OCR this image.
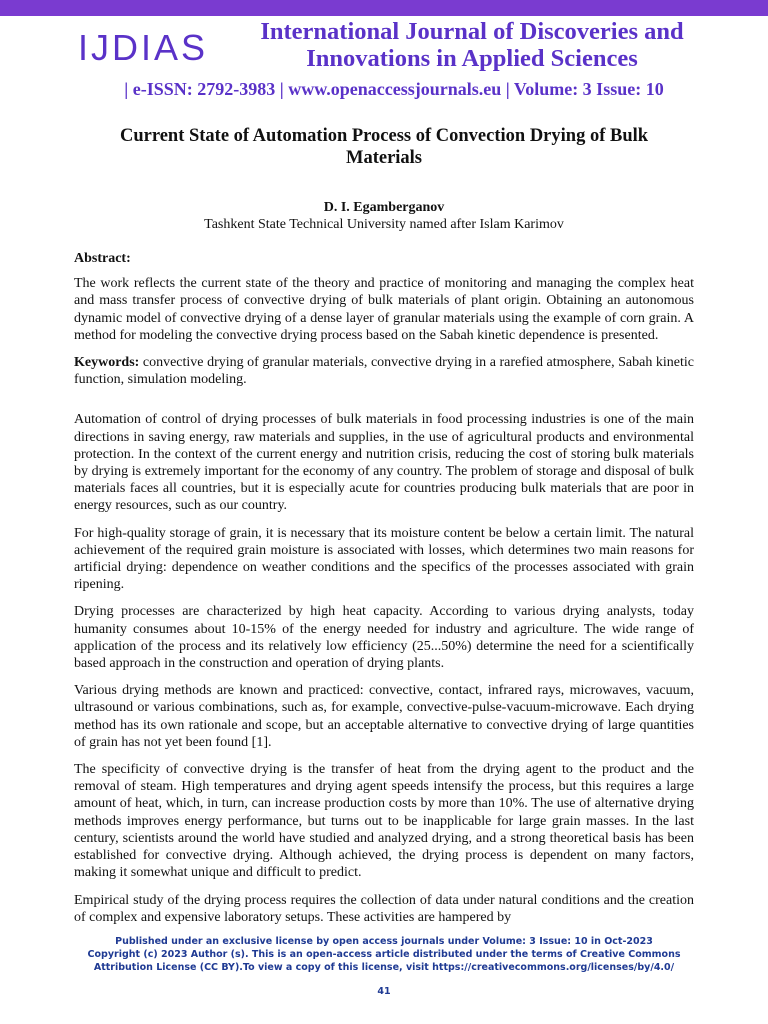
IJDIAS	International Journal of Discoveries and
Innovations in Applied Sciences
| e-ISSN: 2792-3983 | www.openaccessjournals.eu | Volume: 3 Issue: 10
Current State of Automation Process of Convection Drying of Bulk
Materials
D. I. Egamberganov
Tashkent State Technical University named after Islam Karimov
Abstract:

The work reflects the current state of the theory and practice of monitoring and managing the complex heat and mass transfer process of convective drying of bulk materials of plant origin. Obtaining an autonomous dynamic model of convective drying of a dense layer of granular materials using the example of corn grain. A method for modeling the convective drying process based on the Sabah kinetic dependence is presented.

Keywords: convective drying of granular materials, convective drying in a rarefied atmosphere, Sabah kinetic function, simulation modeling.

Automation of control of drying processes of bulk materials in food processing industries is one of the main directions in saving energy, raw materials and supplies, in the use of agricultural products and environmental protection. In the context of the current energy and nutrition crisis, reducing the cost of storing bulk materials by drying is extremely important for the economy of any country. The problem of storage and disposal of bulk materials faces all countries, but it is especially acute for countries producing bulk materials that are poor in energy resources, such as our country.

For high-quality storage of grain, it is necessary that its moisture content be below a certain limit. The natural achievement of the required grain moisture is associated with losses, which determines two main reasons for artificial drying: dependence on weather conditions and the specifics of the processes associated with grain ripening.

Drying processes are characterized by high heat capacity. According to various drying analysts, today humanity consumes about 10-15% of the energy needed for industry and agriculture. The wide range of application of the process and its relatively low efficiency (25...50%) determine the need for a scientifically based approach in the construction and operation of drying plants.

Various drying methods are known and practiced: convective, contact, infrared rays, microwaves, vacuum, ultrasound or various combinations, such as, for example, convective-pulse-vacuum-microwave. Each drying method has its own rationale and scope, but an acceptable alternative to convective drying of large quantities of grain has not yet been found [1].

The specificity of convective drying is the transfer of heat from the drying agent to the product and the removal of steam. High temperatures and drying agent speeds intensify the process, but this requires a large amount of heat, which, in turn, can increase production costs by more than 10%. The use of alternative drying methods improves energy performance, but turns out to be inapplicable for large grain masses. In the last century, scientists around the world have studied and analyzed drying, and a strong theoretical basis has been established for convective drying. Although achieved, the drying process is dependent on many factors, making it somewhat unique and difficult to predict.

Empirical study of the drying process requires the collection of data under natural conditions and the creation of complex and expensive laboratory setups. These activities are hampered by

Published under an exclusive license by open access journals under Volume: 3 Issue: 10 in Oct-2023
Copyright (c) 2023 Author (s). This is an open-access article distributed under the terms of Creative Commons
Attribution License (CC BY).To view a copy of this license, visit https://creativecommons.org/licenses/by/4.0/
41
